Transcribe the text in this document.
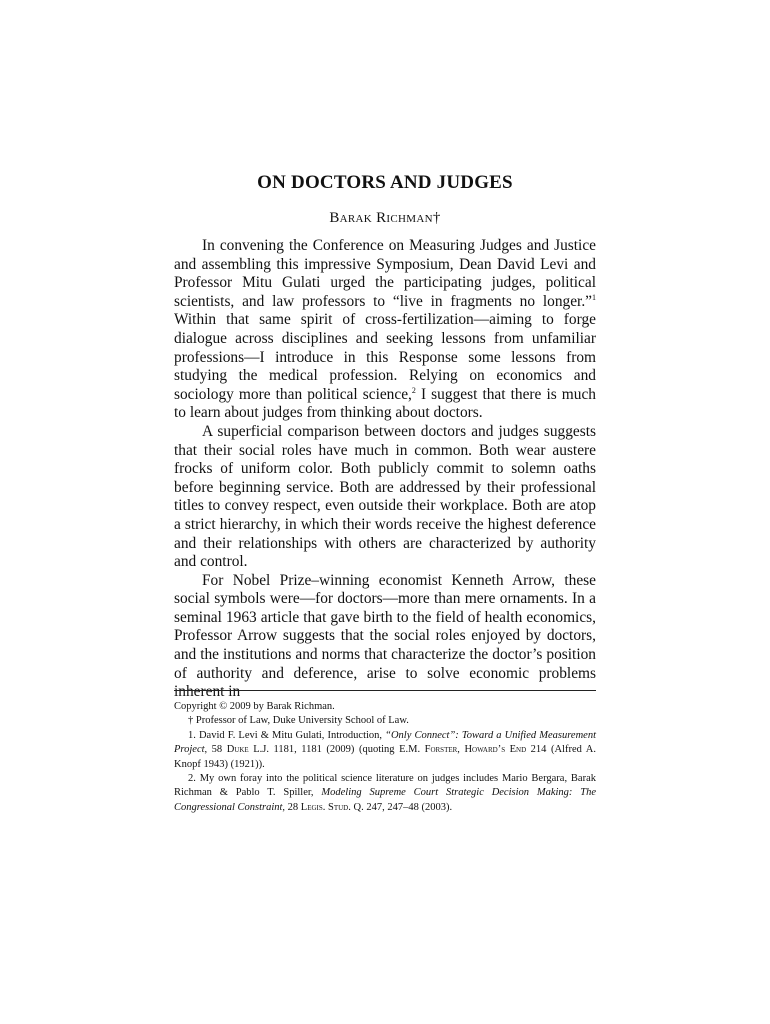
ON DOCTORS AND JUDGES

Barak Richman†

In convening the Conference on Measuring Judges and Justice and assembling this impressive Symposium, Dean David Levi and Professor Mitu Gulati urged the participating judges, political scientists, and law professors to “live in fragments no longer.”$^1$ Within that same spirit of cross-fertilization—aiming to forge dialogue across disciplines and seeking lessons from unfamiliar professions—I introduce in this Response some lessons from studying the medical profession. Relying on economics and sociology more than political science,$^2$ I suggest that there is much to learn about judges from thinking about doctors.

A superficial comparison between doctors and judges suggests that their social roles have much in common. Both wear austere frocks of uniform color. Both publicly commit to solemn oaths before beginning service. Both are addressed by their professional titles to convey respect, even outside their workplace. Both are atop a strict hierarchy, in which their words receive the highest deference and their relationships with others are characterized by authority and control.

For Nobel Prize–winning economist Kenneth Arrow, these social symbols were—for doctors—more than mere ornaments. In a seminal 1963 article that gave birth to the field of health economics, Professor Arrow suggests that the social roles enjoyed by doctors, and the institutions and norms that characterize the doctor’s position of authority and deference, arise to solve economic problems inherent in

Copyright © 2009 by Barak Richman.

† Professor of Law, Duke University School of Law.

1. David F. Levi & Mitu Gulati, Introduction, “Only Connect”: Toward a Unified Measurement Project, 58 Duke L.J. 1181, 1181 (2009) (quoting E.M. Forster, Howard’s End 214 (Alfred A. Knopf 1943) (1921)).

2. My own foray into the political science literature on judges includes Mario Bergara, Barak Richman & Pablo T. Spiller, Modeling Supreme Court Strategic Decision Making: The Congressional Constraint, 28 Legis. Stud. Q. 247, 247–48 (2003).
